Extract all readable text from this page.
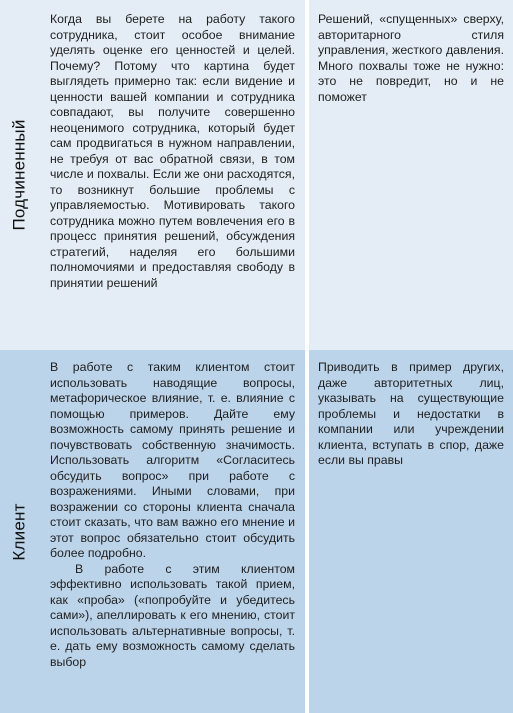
Подчиненный

Когда вы берете на работу такого сотрудника, стоит особое внимание уделять оценке его ценностей и целей. Почему? Потому что картина будет выглядеть примерно так: если видение и ценности вашей компании и сотрудника совпадают, вы получите совершенно неоценимого сотрудника, который будет сам продвигаться в нужном направлении, не требуя от вас обратной связи, в том числе и похвалы. Если же они расходятся, то возникнут большие проблемы с управляемостью. Мотивировать такого сотрудника можно путем вовлечения его в процесс принятия решений, обсуждения стратегий, наделяя его большими полномочиями и предоставляя свободу в принятии решений

Решений, «спущенных» сверху, авторитарного стиля управления, жесткого давления. Много похвалы тоже не нужно: это не повредит, но и не поможет

Клиент

В работе с таким клиентом стоит использовать наводящие вопросы, метафорическое влияние, т. е. влияние с помощью примеров. Дайте ему возможность самому принять решение и почувствовать собственную значимость. Использовать алгоритм «Согласитесь обсудить вопрос» при работе с возражениями. Иными словами, при возражении со стороны клиента сначала стоит сказать, что вам важно его мнение и этот вопрос обязательно стоит обсудить более подробно.

В работе с этим клиентом эффективно использовать такой прием, как «проба» («попробуйте и убедитесь сами»), апеллировать к его мнению, стоит использовать альтернативные вопросы, т. е. дать ему возможность самому сделать выбор

Приводить в пример других, даже авторитетных лиц, указывать на существующие проблемы и недостатки в компании или учреждении клиента, вступать в спор, даже если вы правы
